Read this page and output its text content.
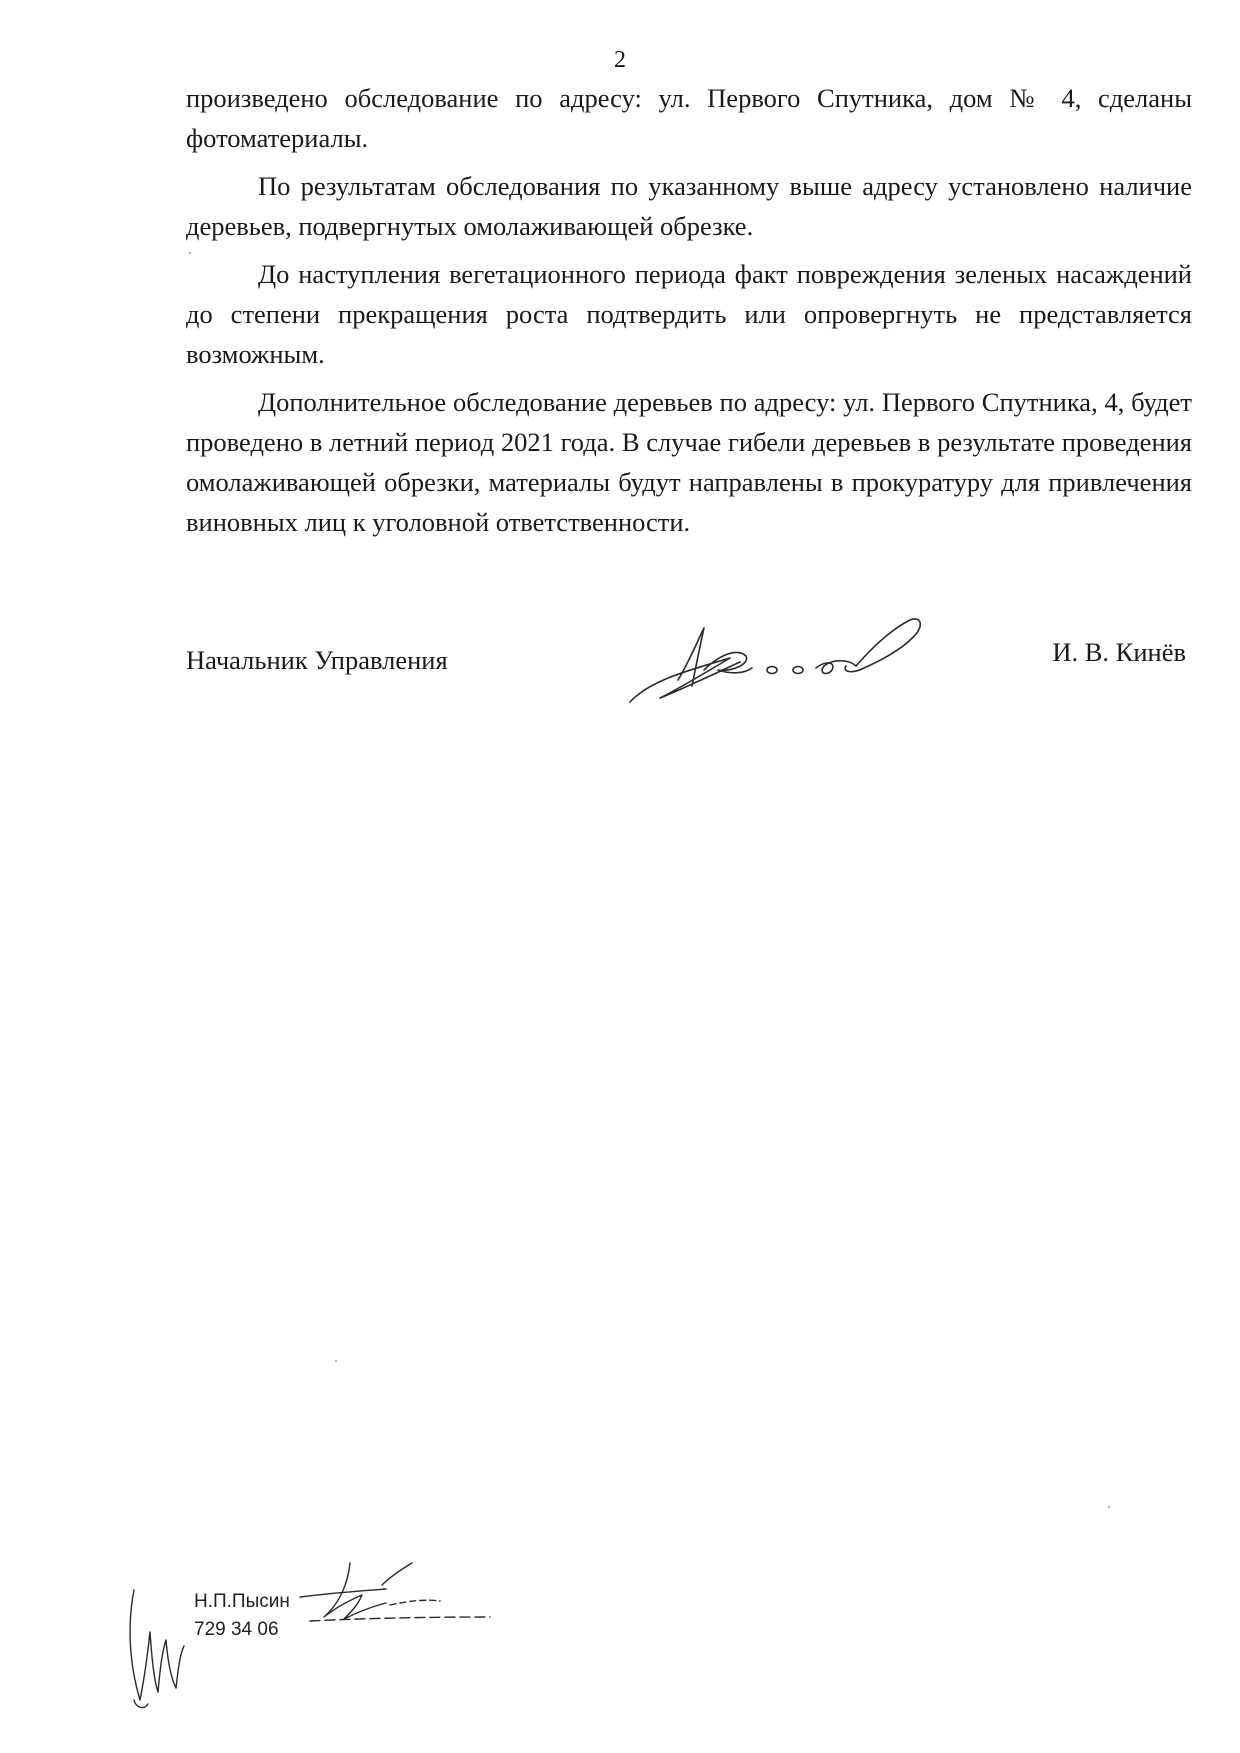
2

произведено обследование по адресу: ул. Первого Спутника, дом № 4, сделаны фотоматериалы.

По результатам обследования по указанному выше адресу установлено наличие деревьев, подвергнутых омолаживающей обрезке.

До наступления вегетационного периода факт повреждения зеленых насаждений до степени прекращения роста подтвердить или опровергнуть не представляется возможным.

Дополнительное обследование деревьев по адресу: ул. Первого Спутника, 4, будет проведено в летний период 2021 года. В случае гибели деревьев в результате проведения омолаживающей обрезки, материалы будут направлены в прокуратуру для привлечения виновных лиц к уголовной ответственности.

Начальник Управления	И. В. Кинёв
Н.П.Пысин
729 34 06
